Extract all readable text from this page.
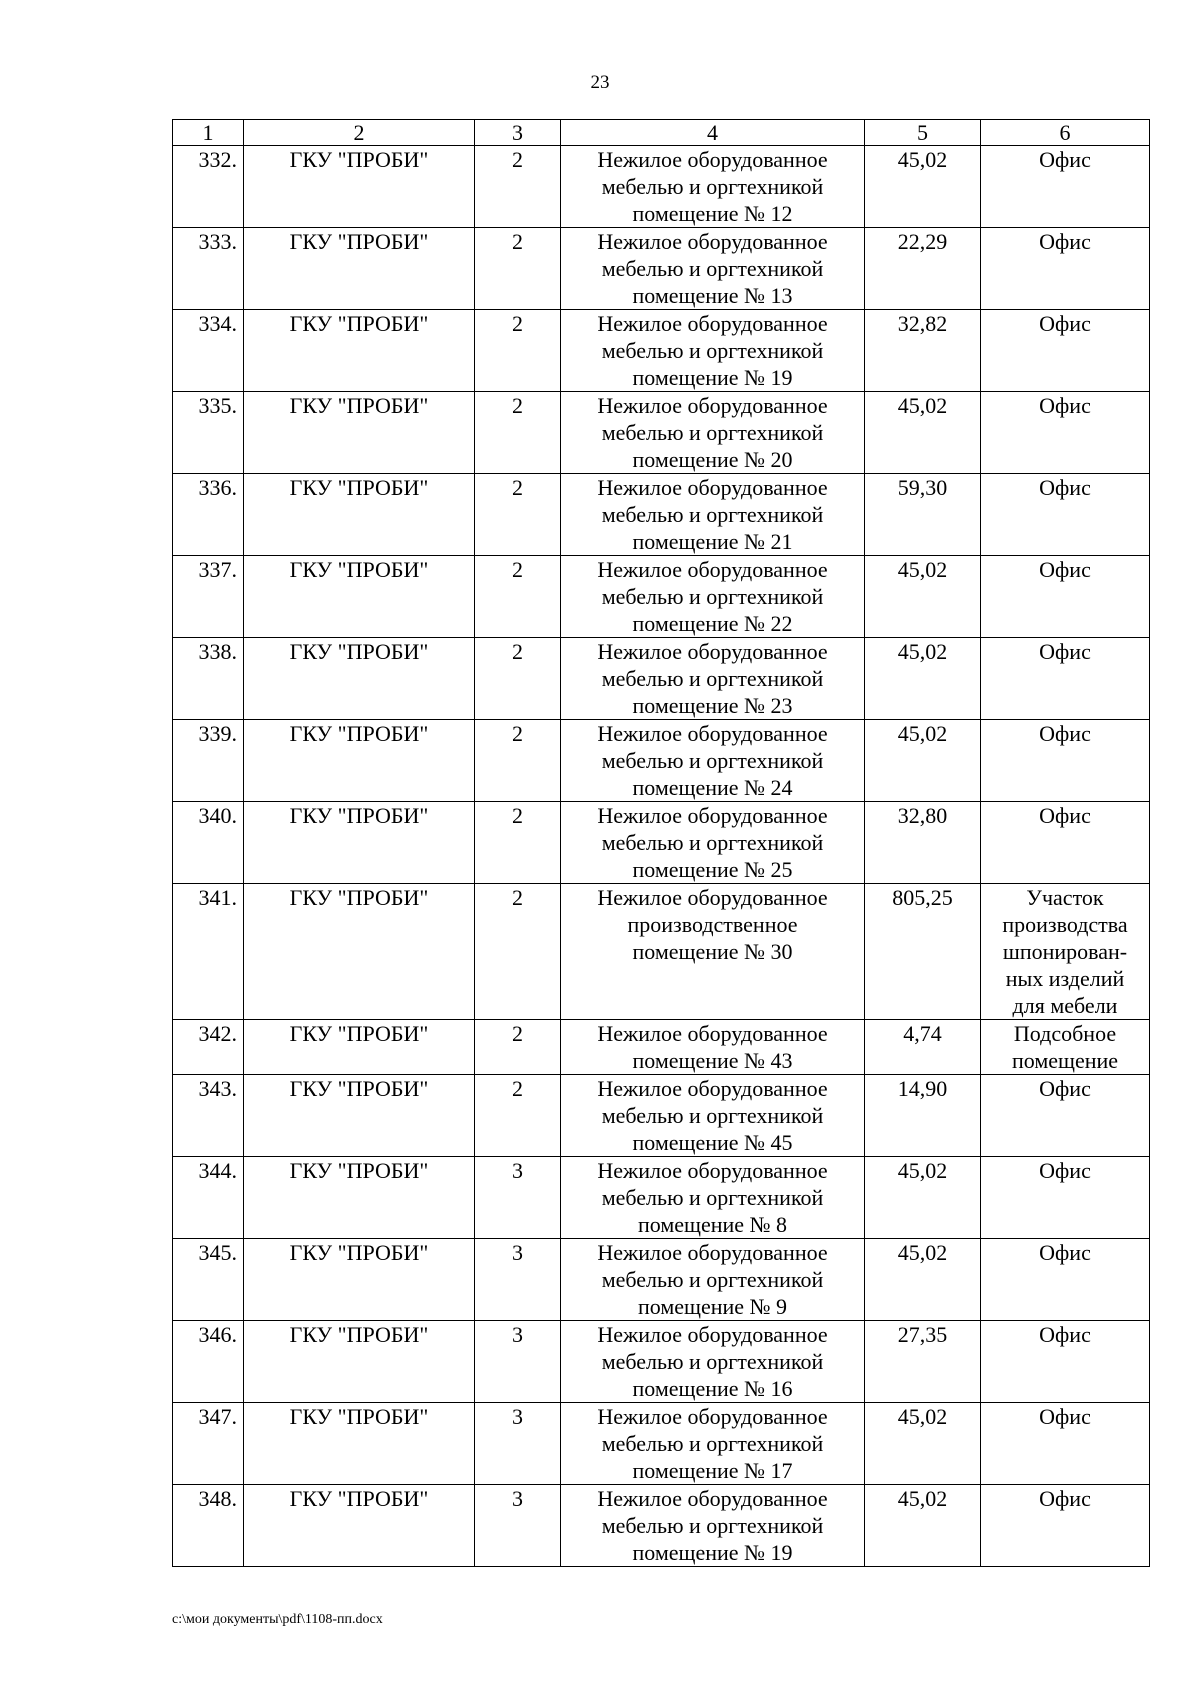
23
1	2	3	4	5	6
332.	ГКУ "ПРОБИ"	2	Нежилое оборудованное
мебелью и оргтехникой
помещение № 12	45,02	Офис
333.	ГКУ "ПРОБИ"	2	Нежилое оборудованное
мебелью и оргтехникой
помещение № 13	22,29	Офис
334.	ГКУ "ПРОБИ"	2	Нежилое оборудованное
мебелью и оргтехникой
помещение № 19	32,82	Офис
335.	ГКУ "ПРОБИ"	2	Нежилое оборудованное
мебелью и оргтехникой
помещение № 20	45,02	Офис
336.	ГКУ "ПРОБИ"	2	Нежилое оборудованное
мебелью и оргтехникой
помещение № 21	59,30	Офис
337.	ГКУ "ПРОБИ"	2	Нежилое оборудованное
мебелью и оргтехникой
помещение № 22	45,02	Офис
338.	ГКУ "ПРОБИ"	2	Нежилое оборудованное
мебелью и оргтехникой
помещение № 23	45,02	Офис
339.	ГКУ "ПРОБИ"	2	Нежилое оборудованное
мебелью и оргтехникой
помещение № 24	45,02	Офис
340.	ГКУ "ПРОБИ"	2	Нежилое оборудованное
мебелью и оргтехникой
помещение № 25	32,80	Офис
341.	ГКУ "ПРОБИ"	2	Нежилое оборудованное
производственное
помещение № 30	805,25	Участок
производства
шпонирован-
ных изделий
для мебели
342.	ГКУ "ПРОБИ"	2	Нежилое оборудованное
помещение № 43	4,74	Подсобное
помещение
343.	ГКУ "ПРОБИ"	2	Нежилое оборудованное
мебелью и оргтехникой
помещение № 45	14,90	Офис
344.	ГКУ "ПРОБИ"	3	Нежилое оборудованное
мебелью и оргтехникой
помещение № 8	45,02	Офис
345.	ГКУ "ПРОБИ"	3	Нежилое оборудованное
мебелью и оргтехникой
помещение № 9	45,02	Офис
346.	ГКУ "ПРОБИ"	3	Нежилое оборудованное
мебелью и оргтехникой
помещение № 16	27,35	Офис
347.	ГКУ "ПРОБИ"	3	Нежилое оборудованное
мебелью и оргтехникой
помещение № 17	45,02	Офис
348.	ГКУ "ПРОБИ"	3	Нежилое оборудованное
мебелью и оргтехникой
помещение № 19	45,02	Офис
c:\мои документы\pdf\1108-пп.docx
